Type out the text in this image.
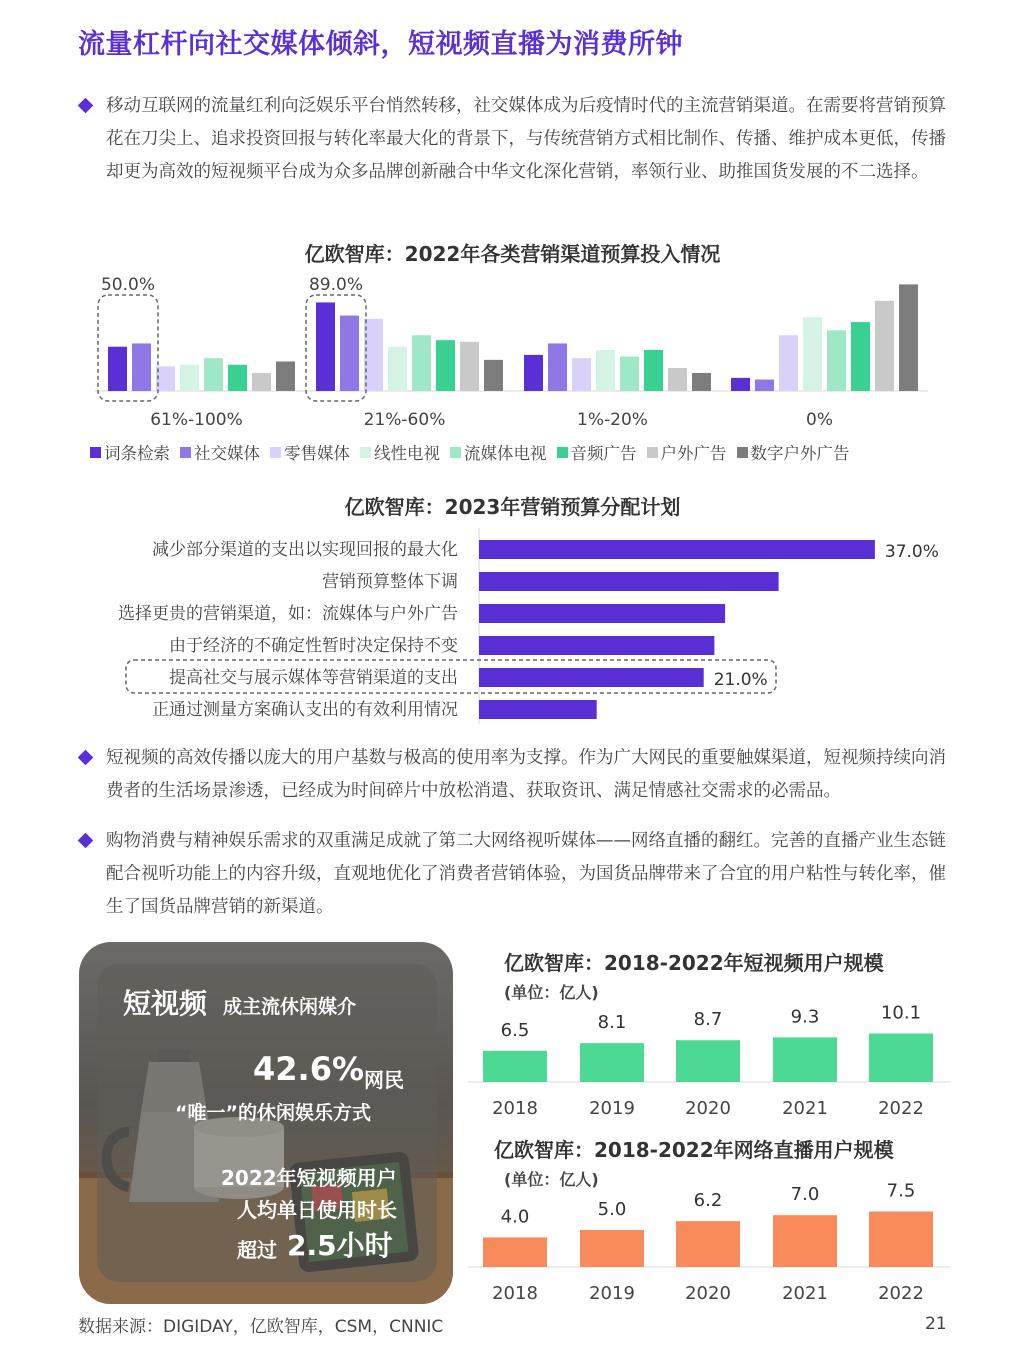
流量杠杆向社交媒体倾斜，短视频直播为消费所钟
移动互联网的流量红利向泛娱乐平台悄然转移，社交媒体成为后疫情时代的主流营销渠道。在需要将营销预算花在刀尖上、追求投资回报与转化率最大化的背景下，与传统营销方式相比制作、传播、维护成本更低，传播却更为高效的短视频平台成为众多品牌创新融合中华文化深化营销，率领行业、助推国货发展的不二选择。
亿欧智库：2022年各类营销渠道预算投入情况
61%-100%	21%-60%	1%-20%	0%
50.0%	89.0%
词条检索 社交媒体 零售媒体 线性电视 流媒体电视 音频广告 户外广告 数字户外广告
亿欧智库：2023年营销预算分配计划
减少部分渠道的支出以实现回报的最大化	37.0%
营销预算整体下调
选择更贵的营销渠道，如：流媒体与户外广告
由于经济的不确定性暂时决定保持不变
提高社交与展示媒体等营销渠道的支出	21.0%
正通过测量方案确认支出的有效利用情况
短视频的高效传播以庞大的用户基数与极高的使用率为支撑。作为广大网民的重要触媒渠道，短视频持续向消费者的生活场景渗透，已经成为时间碎片中放松消遣、获取资讯、满足情感社交需求的必需品。
购物消费与精神娱乐需求的双重满足成就了第二大网络视听媒体——网络直播的翻红。完善的直播产业生态链配合视听功能上的内容升级，直观地优化了消费者营销体验，为国货品牌带来了合宜的用户粘性与转化率，催生了国货品牌营销的新渠道。
短视频 成主流休闲媒介
42.6% 网民
“唯一”的休闲娱乐方式
2022年短视频用户
人均单日使用时长
超过 2.5小时
亿欧智库：2018-2022年短视频用户规模
(单位：亿人)
6.5
2018
8.1
2019
8.7
2020
9.3
2021
10.1
2022
亿欧智库：2018-2022年网络直播用户规模
(单位：亿人)
4.0
2018
5.0
2019
6.2
2020
7.0
2021
7.5
2022
数据来源：DIGIDAY，亿欧智库，CSM，CNNIC	21
